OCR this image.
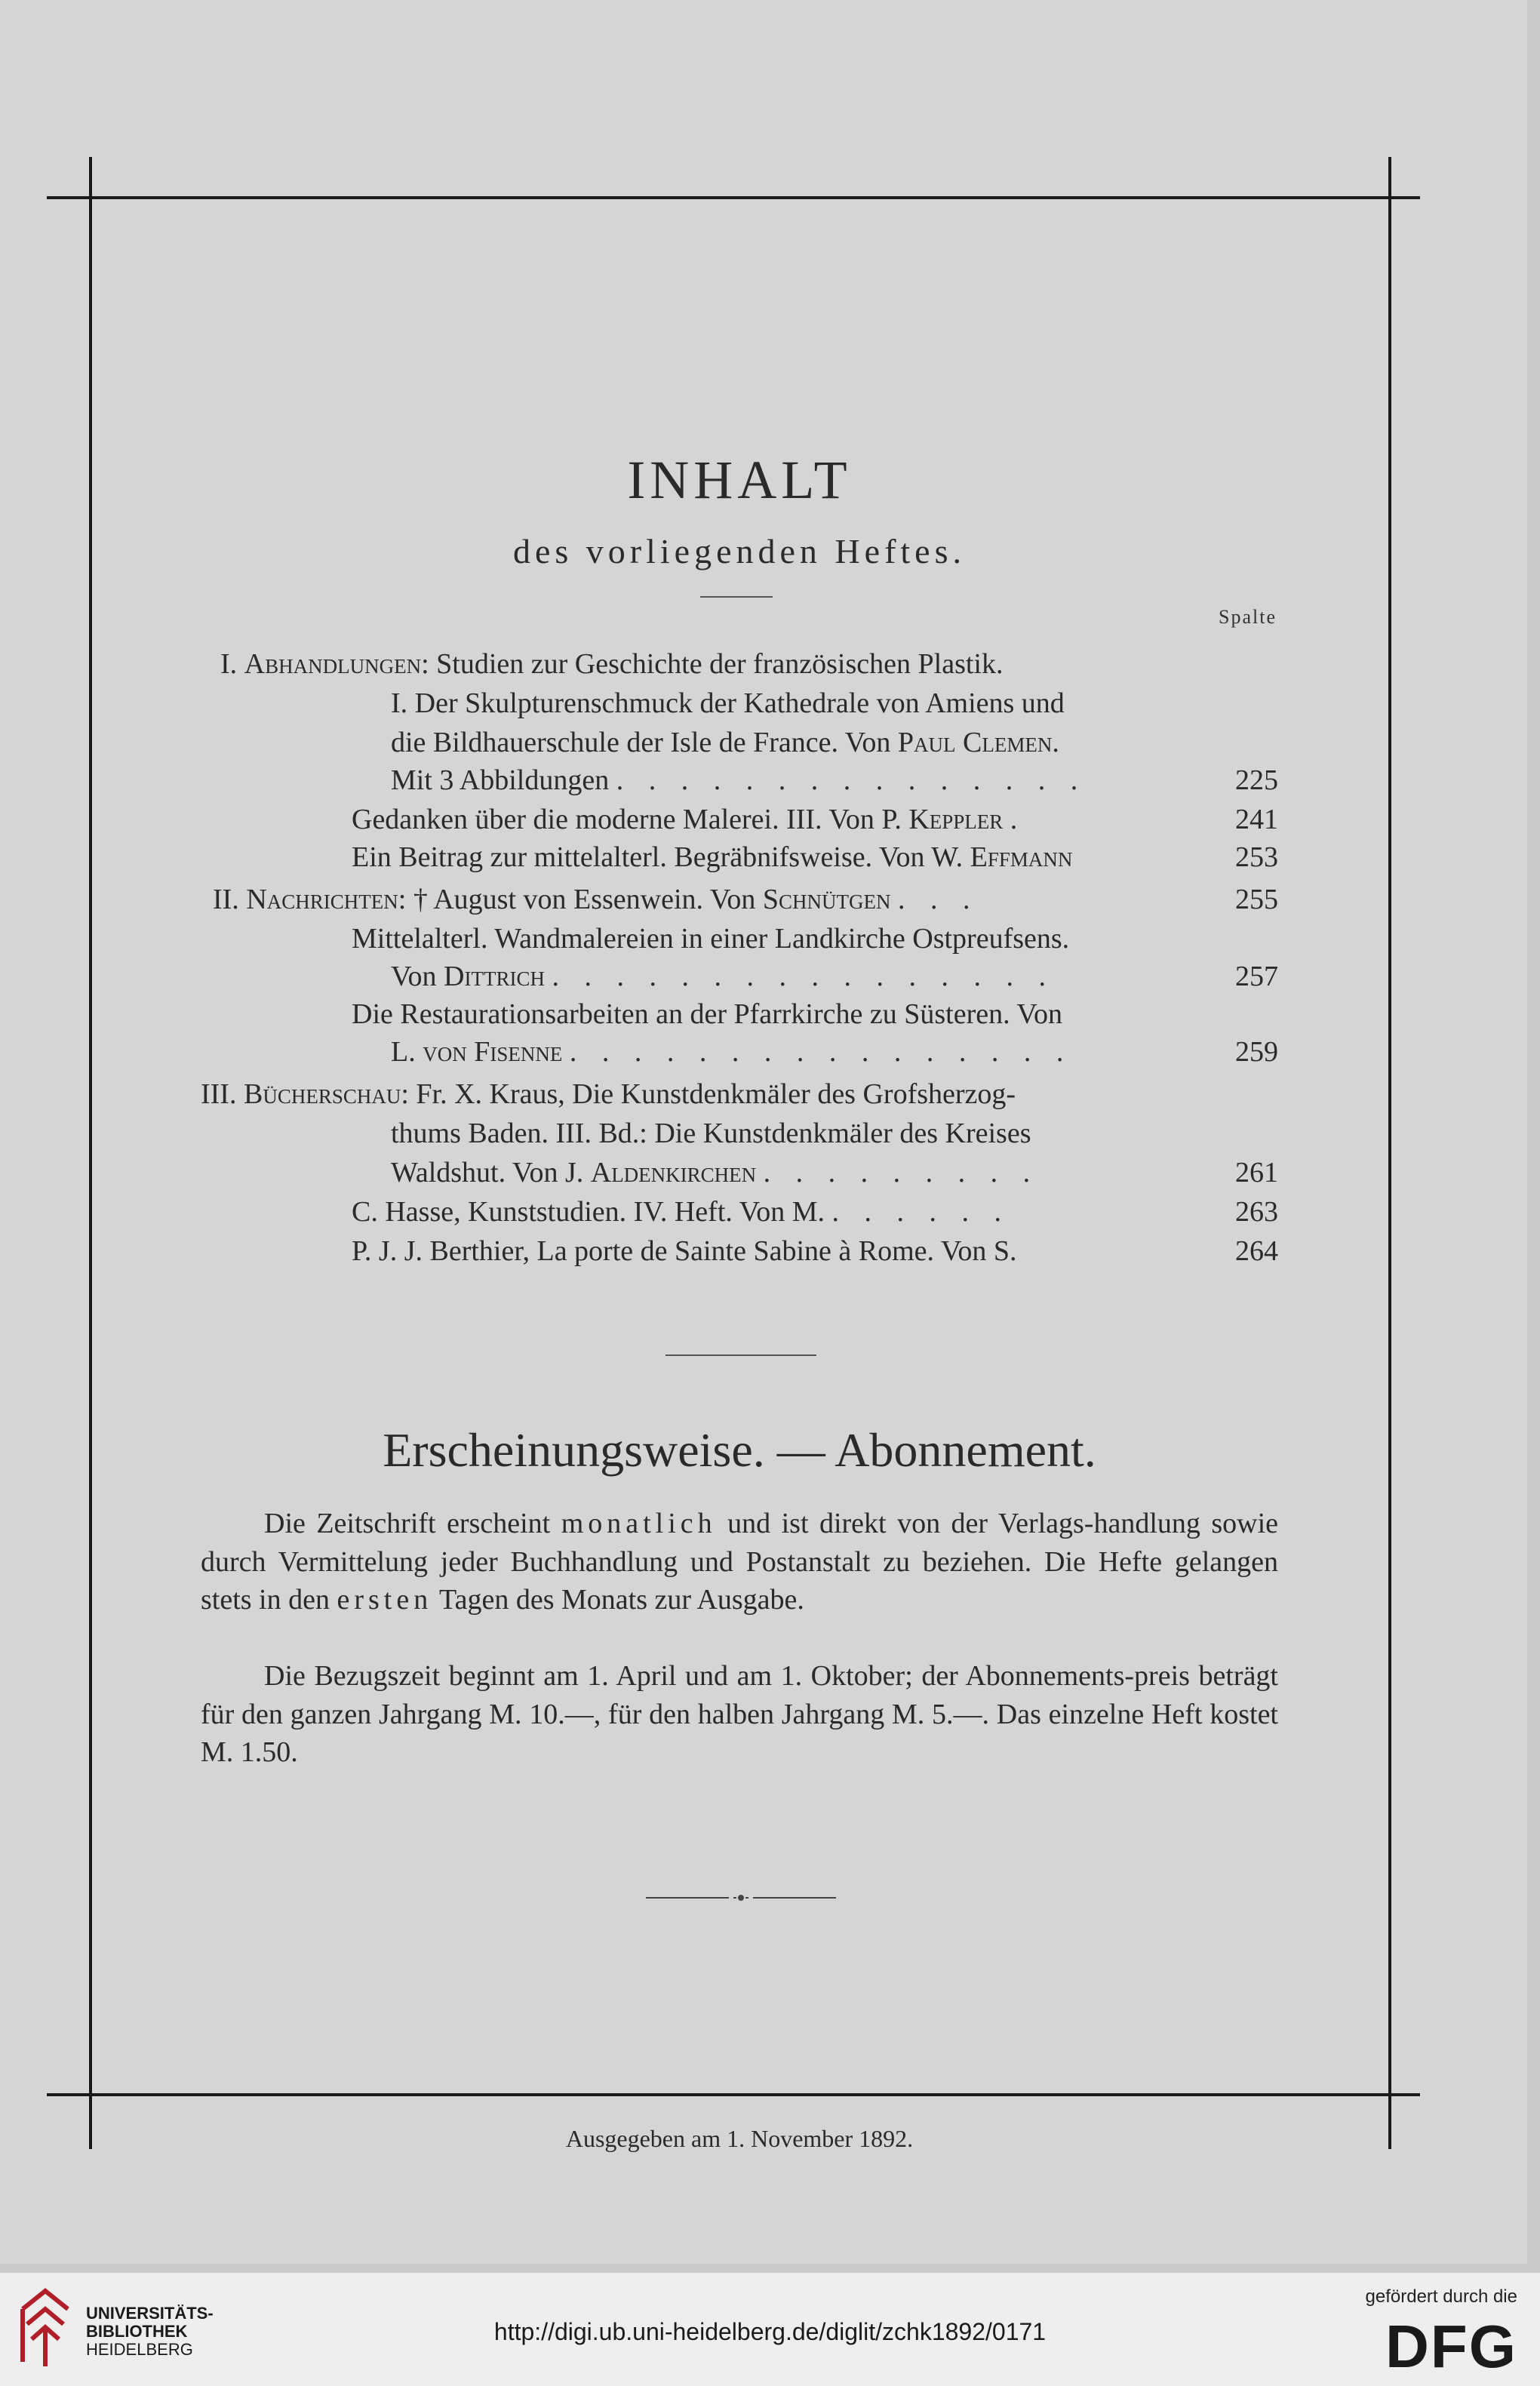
INHALT
des vorliegenden Heftes.
Spalte
I. Abhandlungen: Studien zur Geschichte der französischen Plastik.
I. Der Skulpturenschmuck der Kathedrale von Amiens und
die Bildhauerschule der Isle de France. Von Paul Clemen.
Mit 3 Abbildungen . . . . . . . . . . . . . . .	225
Gedanken über die moderne Malerei. III. Von P. Keppler .	241
Ein Beitrag zur mittelalterl. Begräbnifsweise. Von W. Effmann	253
II. Nachrichten: † August von Essenwein. Von Schnütgen . . .	255
Mittelalterl. Wandmalereien in einer Landkirche Ostpreufsens.
Von Dittrich . . . . . . . . . . . . . . . .	257
Die Restaurationsarbeiten an der Pfarrkirche zu Süsteren. Von
L. von Fisenne . . . . . . . . . . . . . . . .	259
III. Bücherschau: Fr. X. Kraus, Die Kunstdenkmäler des Grofsherzog-
thums Baden. III. Bd.: Die Kunstdenkmäler des Kreises
Waldshut. Von J. Aldenkirchen . . . . . . . . .	261
C. Hasse, Kunststudien. IV. Heft. Von M. . . . . . .	263
P. J. J. Berthier, La porte de Sainte Sabine à Rome. Von S.	264
Erscheinungsweise. — Abonnement.
Die Zeitschrift erscheint monatlich und ist direkt von der Verlags-handlung sowie durch Vermittelung jeder Buchhandlung und Postanstalt zu beziehen. Die Hefte gelangen stets in den ersten Tagen des Monats zur Ausgabe.
Die Bezugszeit beginnt am 1. April und am 1. Oktober; der Abonnements-preis beträgt für den ganzen Jahrgang M. 10.—, für den halben Jahrgang M. 5.—. Das einzelne Heft kostet M. 1.50.
Ausgegeben am 1. November 1892.
UNIVERSITÄTS-
BIBLIOTHEK
HEIDELBERG
http://digi.ub.uni-heidelberg.de/diglit/zchk1892/0171
gefördert durch die
DFG
